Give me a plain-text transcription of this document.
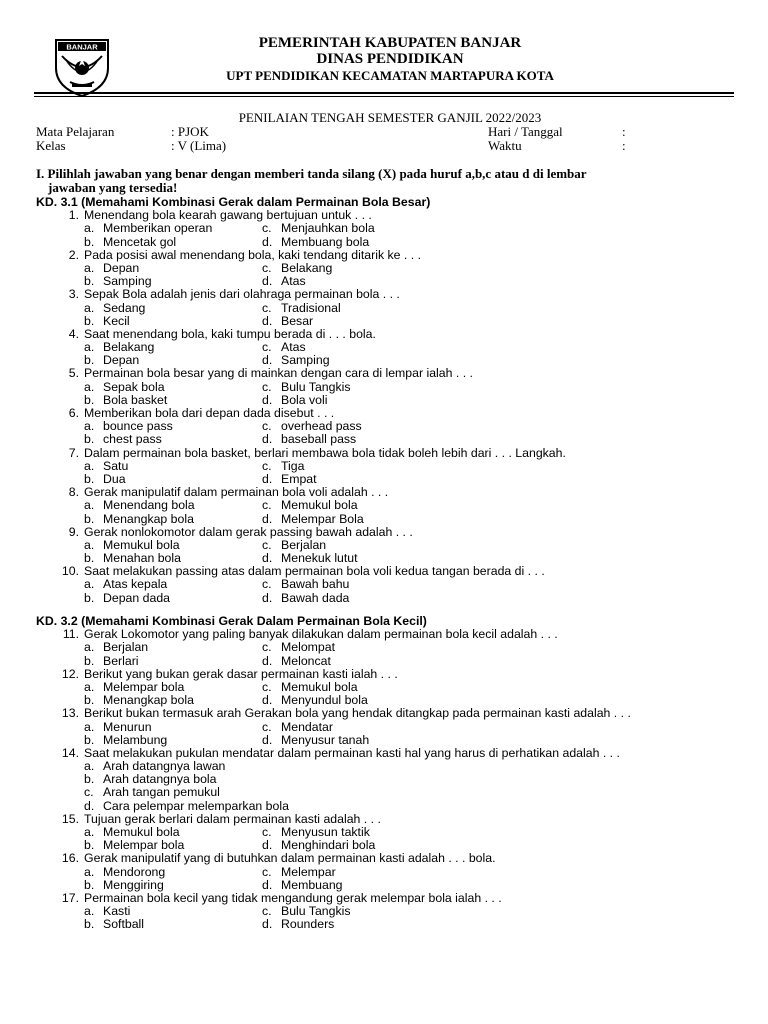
BANJAR	PEMERINTAH KABUPATEN BANJAR
DINAS PENDIDIKAN
UPT PENDIDIKAN KECAMATAN MARTAPURA KOTA
PENILAIAN TENGAH SEMESTER GANJIL 2022/2023
Mata Pelajaran	: PJOK
Kelas	: V (Lima)
Hari / Tanggal	:
Waktu	:
I. Pilihlah jawaban yang benar dengan memberi tanda silang (X) pada huruf a,b,c atau d di lembar
jawaban yang tersedia!
KD. 3.1 (Memahami Kombinasi Gerak dalam Permainan Bola Besar)
1. Menendang bola kearah gawang bertujuan untuk . . .
a. Memberikan operan	c. Menjauhkan bola
b. Mencetak gol	d. Membuang bola
2. Pada posisi awal menendang bola, kaki tendang ditarik ke . . .
a. Depan	c. Belakang
b. Samping	d. Atas
3. Sepak Bola adalah jenis dari olahraga permainan bola . . .
a. Sedang	c. Tradisional
b. Kecil	d. Besar
4. Saat menendang bola, kaki tumpu berada di . . . bola.
a. Belakang	c. Atas
b. Depan	d. Samping
5. Permainan bola besar yang di mainkan dengan cara di lempar ialah . . .
a. Sepak bola	c. Bulu Tangkis
b. Bola basket	d. Bola voli
6. Memberikan bola dari depan dada disebut . . .
a. bounce pass	c. overhead pass
b. chest pass	d. baseball pass
7. Dalam permainan bola basket, berlari membawa bola tidak boleh lebih dari . . . Langkah.
a. Satu	c. Tiga
b. Dua	d. Empat
8. Gerak manipulatif dalam permainan bola voli adalah . . .
a. Menendang bola	c. Memukul bola
b. Menangkap bola	d. Melempar Bola
9. Gerak nonlokomotor dalam gerak passing bawah adalah . . .
a. Memukul bola	c. Berjalan
b. Menahan bola	d. Menekuk lutut
10. Saat melakukan passing atas dalam permainan bola voli kedua tangan berada di . . .
a. Atas kepala	c. Bawah bahu
b. Depan dada	d. Bawah dada
KD. 3.2 (Memahami Kombinasi Gerak Dalam Permainan Bola Kecil)
11. Gerak Lokomotor yang paling banyak dilakukan dalam permainan bola kecil adalah . . .
a. Berjalan	c. Melompat
b. Berlari	d. Meloncat
12. Berikut yang bukan gerak dasar permainan kasti ialah . . .
a. Melempar bola	c. Memukul bola
b. Menangkap bola	d. Menyundul bola
13. Berikut bukan termasuk arah Gerakan bola yang hendak ditangkap pada permainan kasti adalah . . .
a. Menurun	c. Mendatar
b. Melambung	d. Menyusur tanah
14. Saat melakukan pukulan mendatar dalam permainan kasti hal yang harus di perhatikan adalah . . .
a. Arah datangnya lawan
b. Arah datangnya bola
c. Arah tangan pemukul
d. Cara pelempar melemparkan bola
15. Tujuan gerak berlari dalam permainan kasti adalah . . .
a. Memukul bola	c. Menyusun taktik
b. Melempar bola	d. Menghindari bola
16. Gerak manipulatif yang di butuhkan dalam permainan kasti adalah . . . bola.
a. Mendorong	c. Melempar
b. Menggiring	d. Membuang
17. Permainan bola kecil yang tidak mengandung gerak melempar bola ialah . . .
a. Kasti	c. Bulu Tangkis
b. Softball	d. Rounders
